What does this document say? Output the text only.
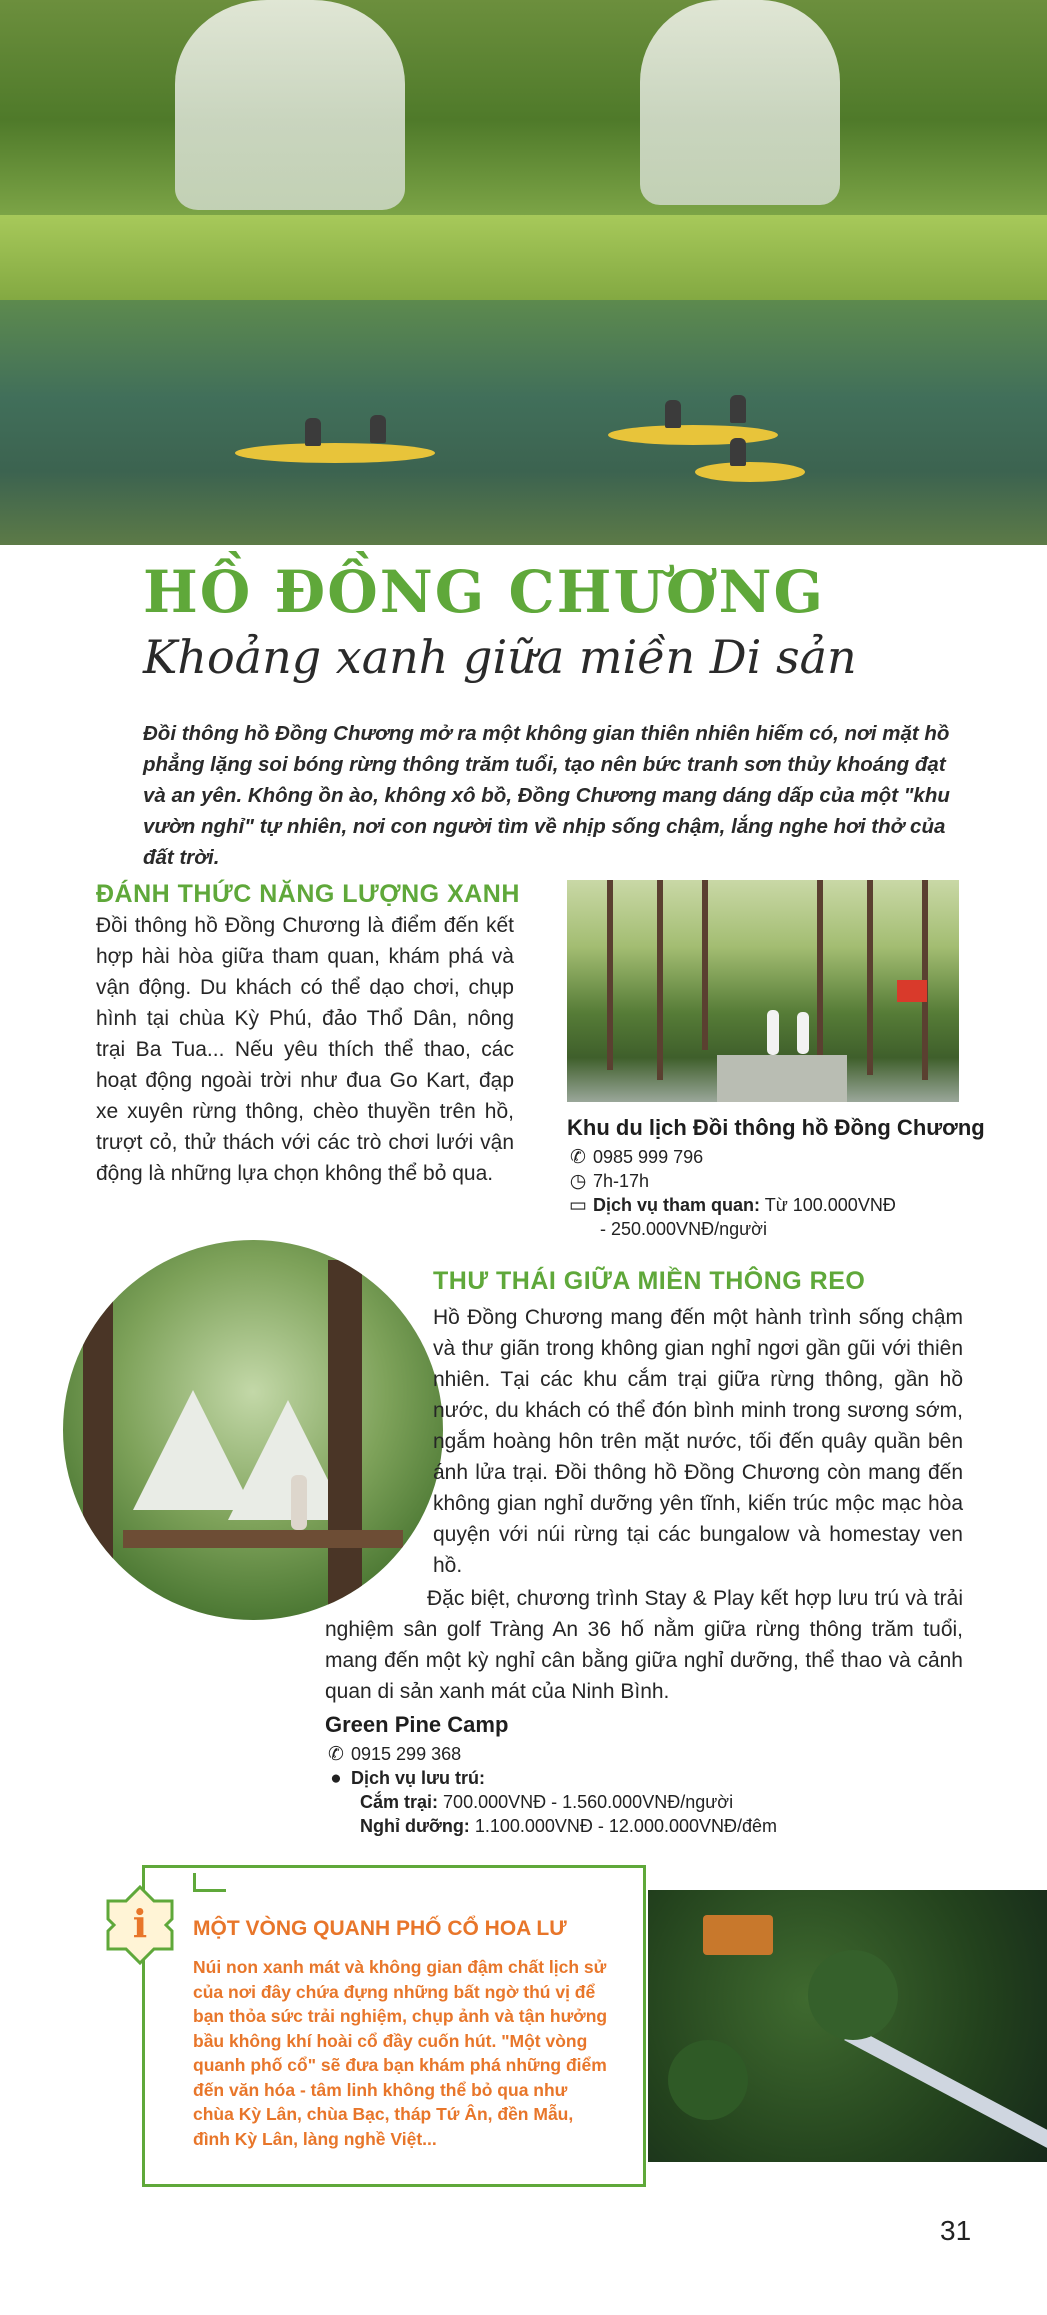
HỒ ĐỒNG CHƯƠNG
Khoảng xanh giữa miền Di sản

Đồi thông hồ Đồng Chương mở ra một không gian thiên nhiên hiếm có, nơi mặt hồ phẳng lặng soi bóng rừng thông trăm tuổi, tạo nên bức tranh sơn thủy khoáng đạt và an yên. Không ồn ào, không xô bồ, Đồng Chương mang dáng dấp của một "khu vườn nghỉ" tự nhiên, nơi con người tìm về nhịp sống chậm, lắng nghe hơi thở của đất trời.

ĐÁNH THỨC NĂNG LƯỢNG XANH

Đồi thông hồ Đồng Chương là điểm đến kết hợp hài hòa giữa tham quan, khám phá và vận động. Du khách có thể dạo chơi, chụp hình tại chùa Kỳ Phú, đảo Thổ Dân, nông trại Ba Tua... Nếu yêu thích thể thao, các hoạt động ngoài trời như đua Go Kart, đạp xe xuyên rừng thông, chèo thuyền trên hồ, trượt cỏ, thử thách với các trò chơi lưới vận động là những lựa chọn không thể bỏ qua.

Khu du lịch Đồi thông hồ Đồng Chương
✆ 0985 999 796
◷ 7h-17h
▭ Dịch vụ tham quan: Từ 100.000VNĐ
- 250.000VNĐ/người
THƯ THÁI GIỮA MIỀN THÔNG REO

Hồ Đồng Chương mang đến một hành trình sống chậm và thư giãn trong không gian nghỉ ngơi gần gũi với thiên nhiên. Tại các khu cắm trại giữa rừng thông, gần hồ nước, du khách có thể đón bình minh trong sương sớm, ngắm hoàng hôn trên mặt nước, tối đến quây quần bên ánh lửa trại. Đồi thông hồ Đồng Chương còn mang đến không gian nghỉ dưỡng yên tĩnh, kiến trúc mộc mạc hòa quyện với núi rừng tại các bungalow và homestay ven hồ.

Đặc biệt, chương trình Stay & Play kết hợp lưu trú và trải nghiệm sân golf Tràng An 36 hố nằm giữa rừng thông trăm tuổi, mang đến một kỳ nghỉ cân bằng giữa nghỉ dưỡng, thể thao và cảnh quan di sản xanh mát của Ninh Bình.

Green Pine Camp
✆ 0915 299 368
● Dịch vụ lưu trú:
Cắm trại: 700.000VNĐ - 1.560.000VNĐ/người
Nghỉ dưỡng: 1.100.000VNĐ - 12.000.000VNĐ/đêm
i MỘT VÒNG QUANH PHỐ CỔ HOA LƯ

Núi non xanh mát và không gian đậm chất lịch sử của nơi đây chứa đựng những bất ngờ thú vị để bạn thỏa sức trải nghiệm, chụp ảnh và tận hưởng bầu không khí hoài cổ đầy cuốn hút. "Một vòng quanh phố cổ" sẽ đưa bạn khám phá những điểm đến văn hóa - tâm linh không thể bỏ qua như chùa Kỳ Lân, chùa Bạc, tháp Tứ Ân, đền Mẫu, đình Kỳ Lân, làng nghề Việt...

31
